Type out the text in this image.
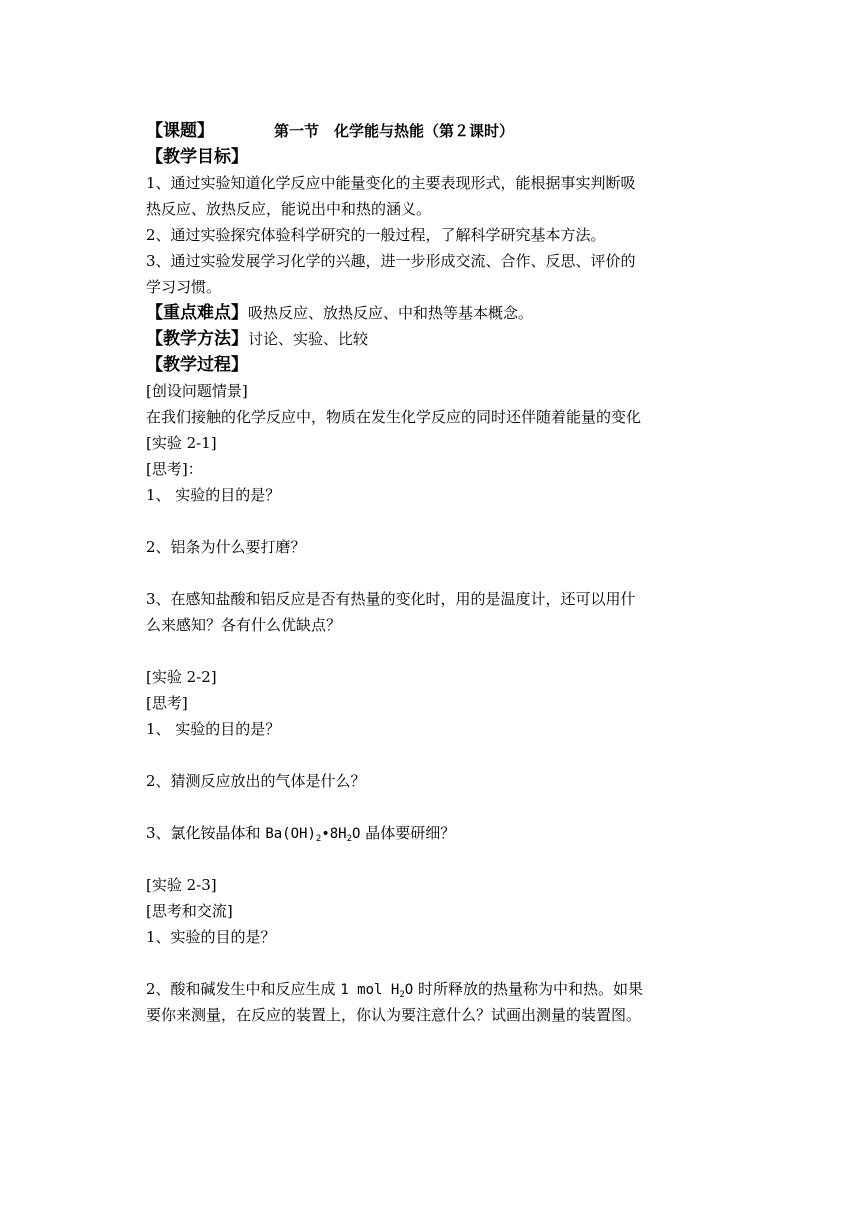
【课题】	第一节　化学能与热能（第２课时）
【教学目标】
1、通过实验知道化学反应中能量变化的主要表现形式，能根据事实判断吸
热反应、放热反应，能说出中和热的涵义。
2、通过实验探究体验科学研究的一般过程，了解科学研究基本方法。
3、通过实验发展学习化学的兴趣，进一步形成交流、合作、反思、评价的
学习习惯。
【重点难点】吸热反应、放热反应、中和热等基本概念。
【教学方法】讨论、实验、比较
【教学过程】
[创设问题情景]
在我们接触的化学反应中，物质在发生化学反应的同时还伴随着能量的变化
[实验 2-1]
[思考]：
1、 实验的目的是？
2、铝条为什么要打磨？
3、在感知盐酸和铝反应是否有热量的变化时，用的是温度计，还可以用什
么来感知？各有什么优缺点？
[实验 2-2]
[思考]
1、 实验的目的是？
2、猜测反应放出的气体是什么？
3、氯化铵晶体和 $Ba(OH)_2•8H_2O$ 晶体要研细？
[实验 2-3]
[思考和交流]
1、实验的目的是？
2、酸和碱发生中和反应生成 1 mol $H_2O$ 时所释放的热量称为中和热。如果
要你来测量，在反应的装置上，你认为要注意什么？试画出测量的装置图。
